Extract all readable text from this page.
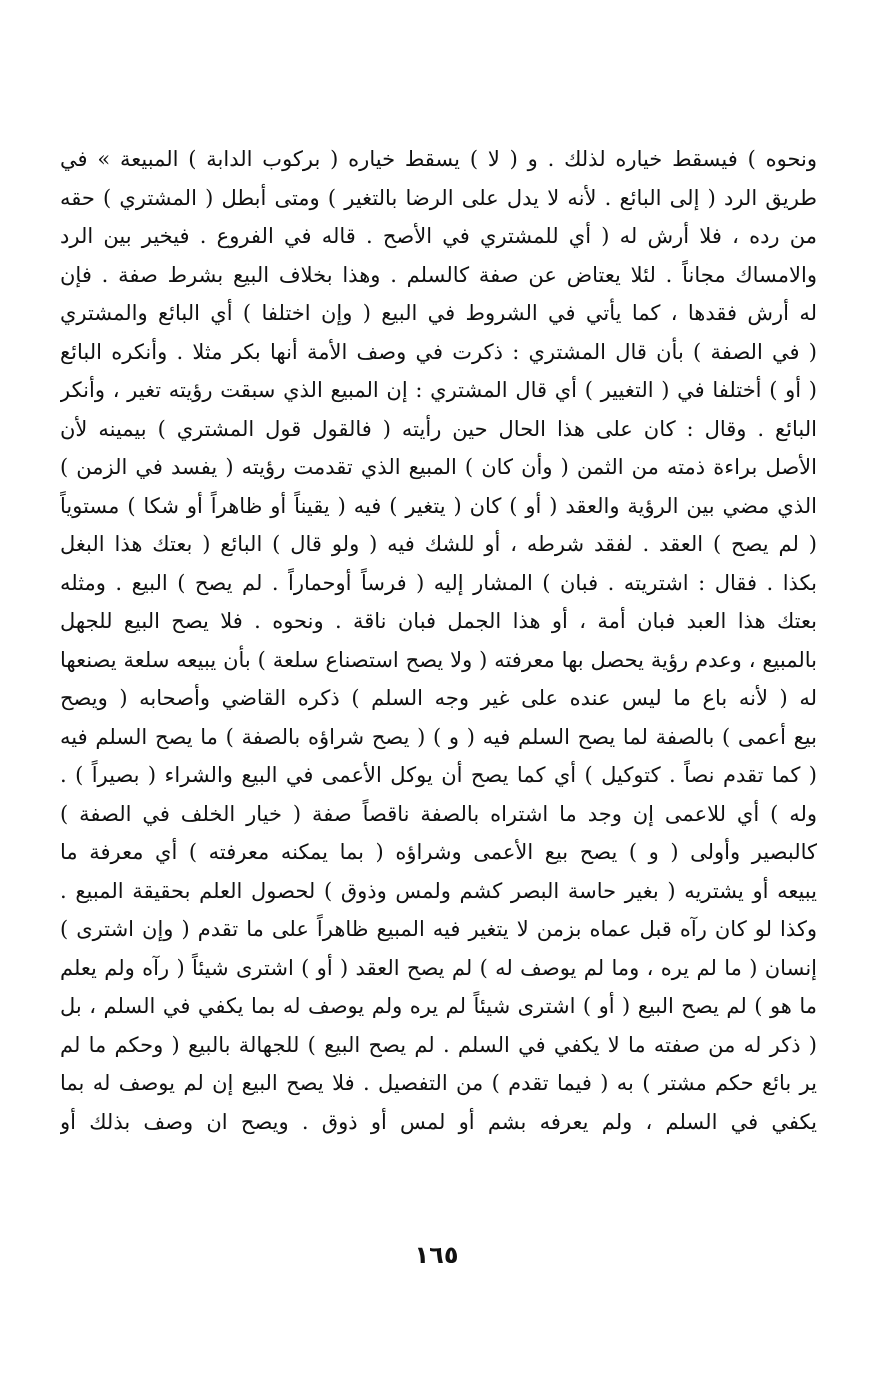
ونحوه ) فيسقط خياره لذلك . و ( لا ) يسقط خياره ( بركوب الدابة ) المبيعة » في
طريق الرد ( إلى البائع . لأنه لا يدل على الرضا بالتغير ) ومتى أبطل ( المشتري ) حقه
من رده ، فلا أرش له ( أي للمشتري في الأصح . قاله في الفروع . فيخير بين الرد
والامساك مجاناً . لئلا يعتاض عن صفة كالسلم . وهذا بخلاف البيع بشرط صفة . فإن
له أرش فقدها ، كما يأتي في الشروط في البيع ( وإن اختلفا ) أي البائع والمشتري
( في الصفة ) بأن قال المشتري : ذكرت في وصف الأمة أنها بكر مثلا . وأنكره البائع
( أو ) أختلفا في ( التغيير ) أي قال المشتري : إن المبيع الذي سبقت رؤيته تغير ، وأنكر
البائع . وقال : كان على هذا الحال حين رأيته ( فالقول قول المشتري ) بيمينه لأن
الأصل براءة ذمته من الثمن ( وأن كان ) المبيع الذي تقدمت رؤيته ( يفسد في الزمن )
الذي مضي بين الرؤية والعقد ( أو ) كان ( يتغير ) فيه ( يقيناً أو ظاهراً أو شكا ) مستوياً
( لم يصح ) العقد . لفقد شرطه ، أو للشك فيه ( ولو قال ) البائع ( بعتك هذا البغل
بكذا . فقال : اشتريته . فبان ) المشار إليه ( فرساً أوحماراً . لم يصح ) البيع . ومثله
بعتك هذا العبد فبان أمة ، أو هذا الجمل فبان ناقة . ونحوه . فلا يصح البيع للجهل
بالمبيع ، وعدم رؤية يحصل بها معرفته ( ولا يصح استصناع سلعة ) بأن يبيعه سلعة يصنعها
له ( لأنه باع ما ليس عنده على غير وجه السلم ) ذكره القاضي وأصحابه ( ويصح
بيع أعمى ) بالصفة لما يصح السلم فيه ( و ) ( يصح شراؤه بالصفة ) ما يصح السلم فيه
( كما تقدم نصاً . كتوكيل ) أي كما يصح أن يوكل الأعمى في البيع والشراء ( بصيراً ) .
وله ) أي للاعمى إن وجد ما اشتراه بالصفة ناقصاً صفة ( خيار الخلف في الصفة )
كالبصير وأولى ( و ) يصح بيع الأعمى وشراؤه ( بما يمكنه معرفته ) أي معرفة ما
يبيعه أو يشتريه ( بغير حاسة البصر كشم ولمس وذوق ) لحصول العلم بحقيقة المبيع .
وكذا لو كان رآه قبل عماه بزمن لا يتغير فيه المبيع ظاهراً على ما تقدم ( وإن اشترى )
إنسان ( ما لم يره ، وما لم يوصف له ) لم يصح العقد ( أو ) اشترى شيئاً ( رآه ولم يعلم
ما هو ) لم يصح البيع ( أو ) اشترى شيئاً لم يره ولم يوصف له بما يكفي في السلم ، بل
( ذكر له من صفته ما لا يكفي في السلم . لم يصح البيع ) للجهالة بالبيع ( وحكم ما لم
ير بائع حكم مشتر ) به ( فيما تقدم ) من التفصيل . فلا يصح البيع إن لم يوصف له بما
يكفي في السلم ، ولم يعرفه بشم أو لمس أو ذوق . ويصح ان وصف بذلك أو
١٦٥
